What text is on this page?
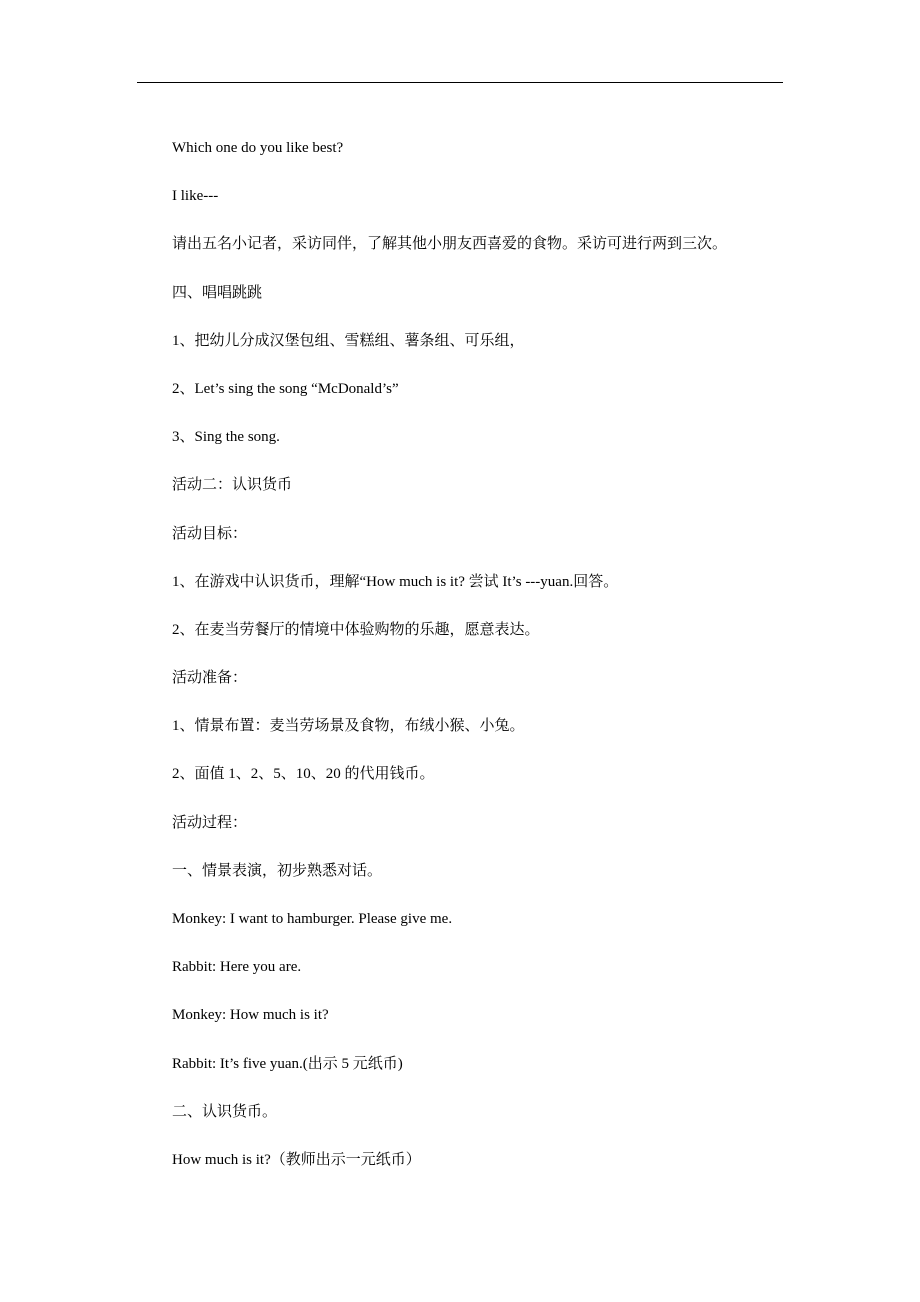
Which one do you like best?
I like---
请出五名小记者，采访同伴，了解其他小朋友西喜爱的食物。采访可进行两到三次。
四、唱唱跳跳
1、把幼儿分成汉堡包组、雪糕组、薯条组、可乐组，
2、Let’s sing the song “McDonald’s”
3、Sing the song.
活动二：认识货币
活动目标：
1、在游戏中认识货币，理解“How much is it? 尝试 It’s ---yuan.回答。
2、在麦当劳餐厅的情境中体验购物的乐趣，愿意表达。
活动准备：
1、情景布置：麦当劳场景及食物，布绒小猴、小兔。
2、面值 1、2、5、10、20 的代用钱币。
活动过程：
一、情景表演，初步熟悉对话。
Monkey: I want to hamburger. Please give me.
Rabbit: Here you are.
Monkey: How much is it?
Rabbit: It’s five yuan.(出示 5 元纸币)
二、认识货币。
How much is it?（教师出示一元纸币）
